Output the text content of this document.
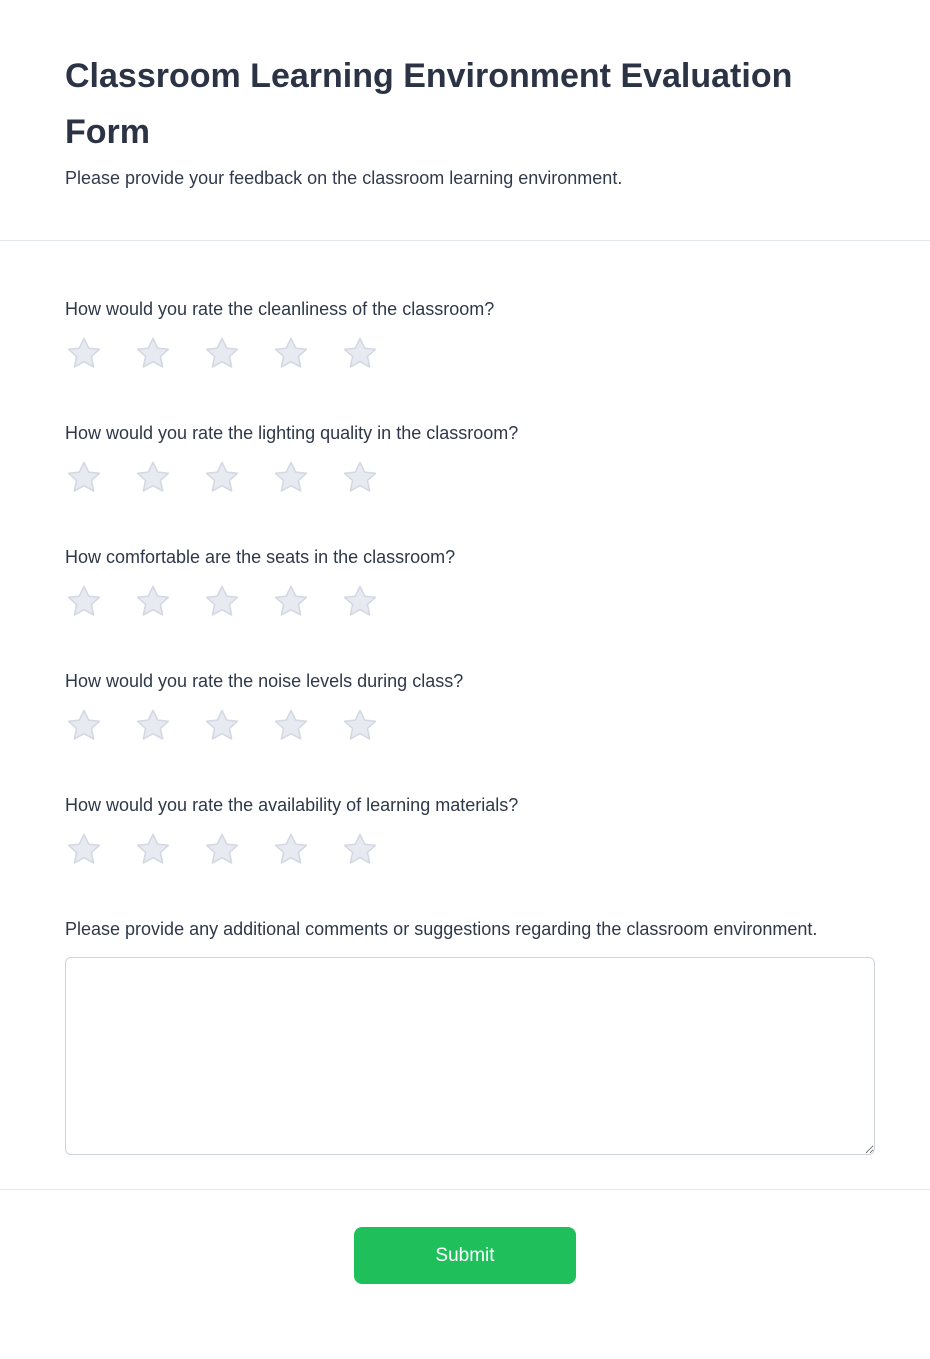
Classroom Learning Environment Evaluation Form
Please provide your feedback on the classroom learning environment.
How would you rate the cleanliness of the classroom?
How would you rate the lighting quality in the classroom?
How comfortable are the seats in the classroom?
How would you rate the noise levels during class?
How would you rate the availability of learning materials?
Please provide any additional comments or suggestions regarding the classroom environment.
Submit
